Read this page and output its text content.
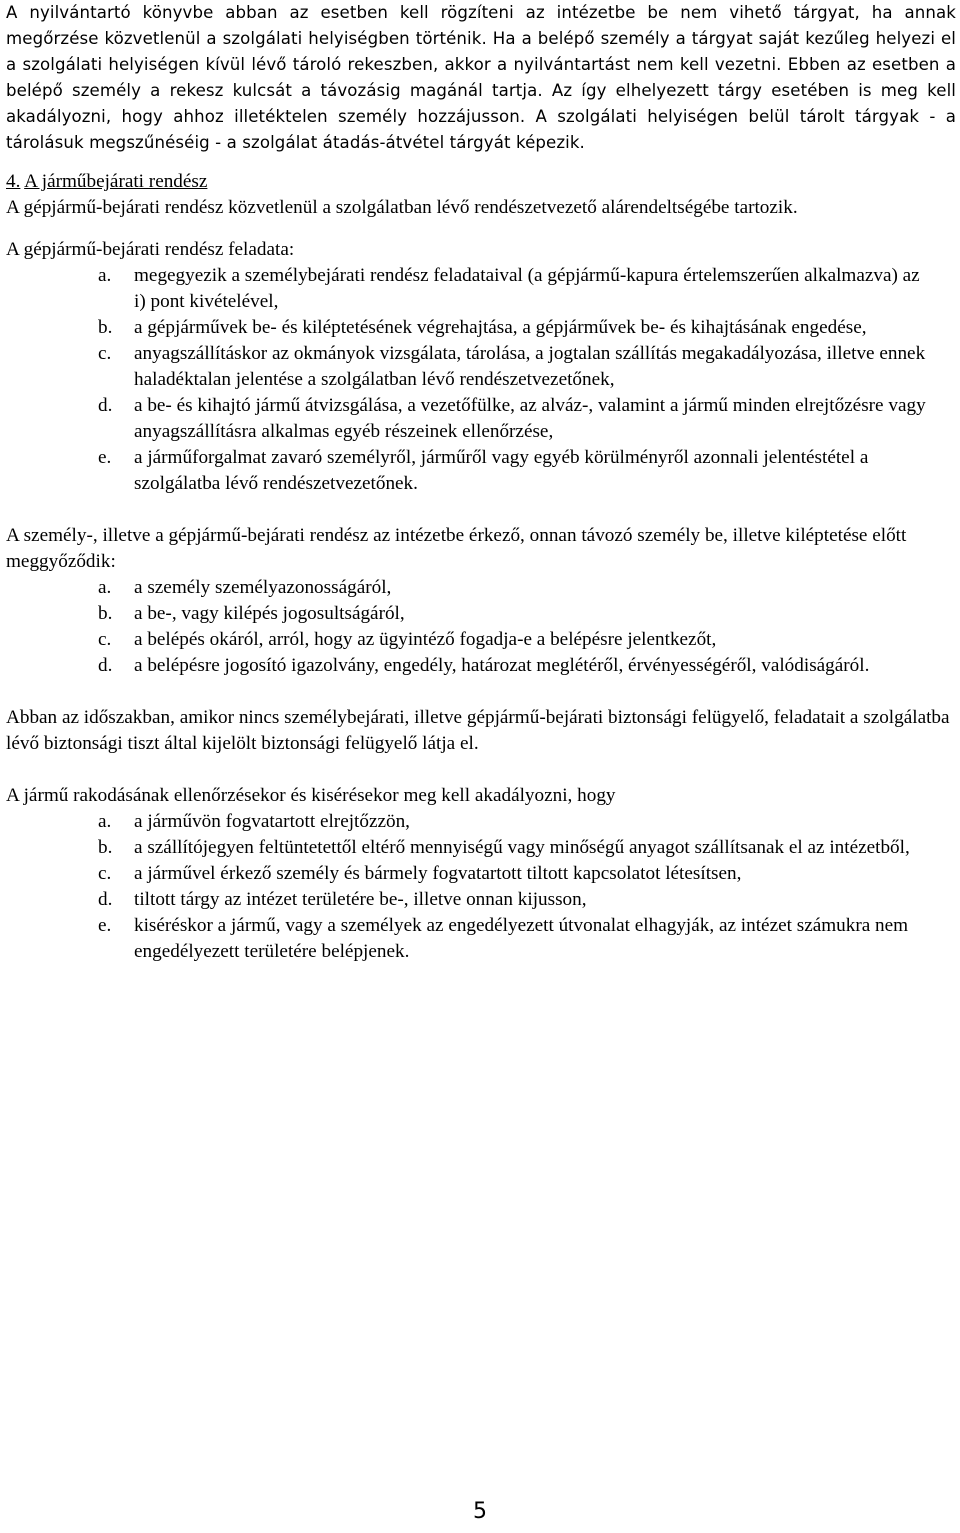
A nyilvántartó könyvbe abban az esetben kell rögzíteni az intézetbe be nem vihető tárgyat, ha annak megőrzése közvetlenül a szolgálati helyiségben történik. Ha a belépő személy a tárgyat saját kezűleg helyezi el a szolgálati helyiségen kívül lévő tároló rekeszben, akkor a nyilvántartást nem kell vezetni. Ebben az esetben a belépő személy a rekesz kulcsát a távozásig magánál tartja. Az így elhelyezett tárgy esetében is meg kell akadályozni, hogy ahhoz illetéktelen személy hozzájusson. A szolgálati helyiségen belül tárolt tárgyak - a tárolásuk megszűnéséig - a szolgálat átadás-átvétel tárgyát képezik.

4. A járműbejárati rendész

A gépjármű-bejárati rendész közvetlenül a szolgálatban lévő rendészetvezető alárendeltségébe tartozik.

A gépjármű-bejárati rendész feladata:

a.	megegyezik a személybejárati rendész feladataival (a gépjármű-kapura értelemszerűen alkalmazva) az i) pont kivételével,
b.	a gépjárművek be- és kiléptetésének végrehajtása, a gépjárművek be- és kihajtásának engedése,
c.	anyagszállításkor az okmányok vizsgálata, tárolása, a jogtalan szállítás megakadályozása, illetve ennek haladéktalan jelentése a szolgálatban lévő rendészetvezetőnek,
d.	a be- és kihajtó jármű átvizsgálása, a vezetőfülke, az alváz-, valamint a jármű minden elrejtőzésre vagy anyagszállításra alkalmas egyéb részeinek ellenőrzése,
e.	a járműforgalmat zavaró személyről, járműről vagy egyéb körülményről azonnali jelentéstétel a szolgálatba lévő rendészetvezetőnek.

A személy-, illetve a gépjármű-bejárati rendész az intézetbe érkező, onnan távozó személy be, illetve kiléptetése előtt meggyőződik:

a.	a személy személyazonosságáról,
b.	a be-, vagy kilépés jogosultságáról,
c.	a belépés okáról, arról, hogy az ügyintéző fogadja-e a belépésre jelentkezőt,
d.	a belépésre jogosító igazolvány, engedély, határozat meglétéről, érvényességéről, valódiságáról.

Abban az időszakban, amikor nincs személybejárati, illetve gépjármű-bejárati biztonsági felügyelő, feladatait a szolgálatba lévő biztonsági tiszt által kijelölt biztonsági felügyelő látja el.

A jármű rakodásának ellenőrzésekor és kisérésekor meg kell akadályozni, hogy

a.	a járművön fogvatartott elrejtőzzön,
b.	a szállítójegyen feltüntetettől eltérő mennyiségű vagy minőségű anyagot szállítsanak el az intézetből,
c.	a járművel érkező személy és bármely fogvatartott tiltott kapcsolatot létesítsen,
d.	tiltott tárgy az intézet területére be-, illetve onnan kijusson,
e.	kiséréskor a jármű, vagy a személyek az engedélyezett útvonalat elhagyják, az intézet számukra nem engedélyezett területére belépjenek.
5
